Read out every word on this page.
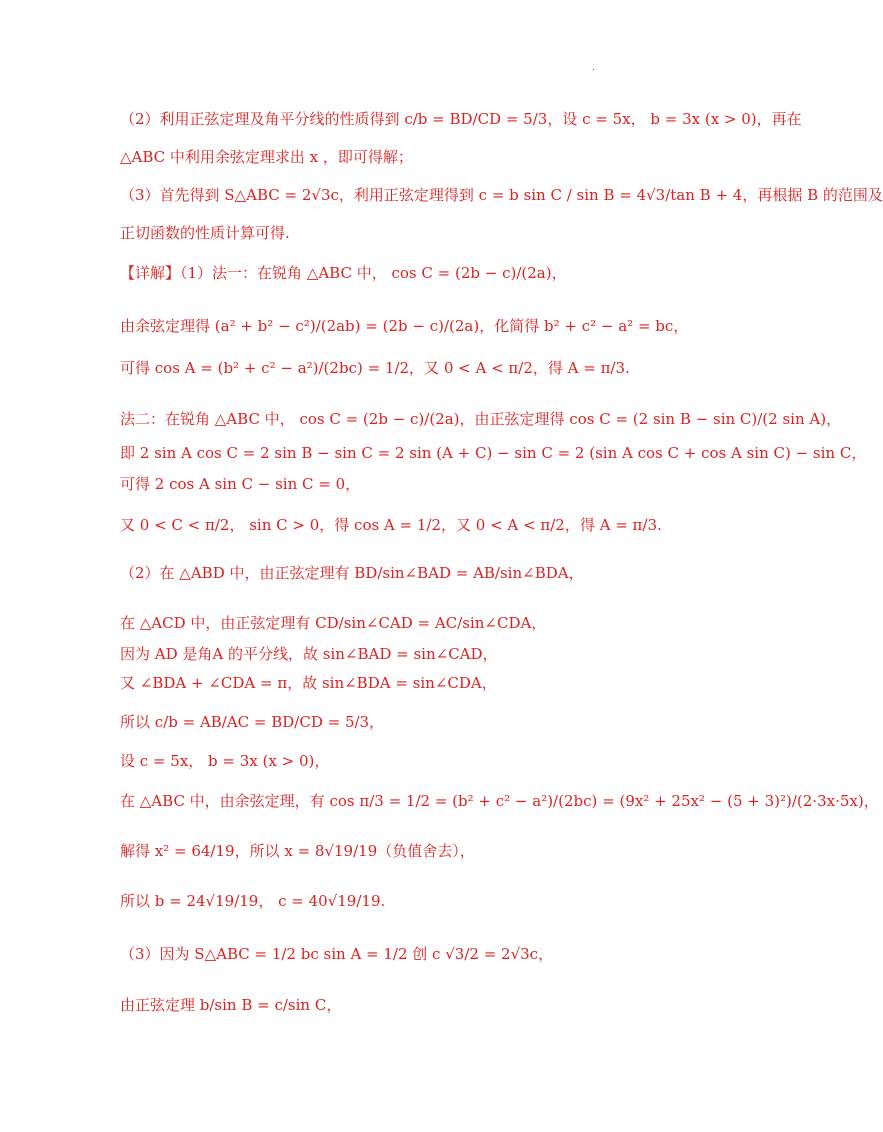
.
（2）利用正弦定理及角平分线的性质得到 c/b = BD/CD = 5/3，设 c = 5x， b = 3x (x > 0)，再在
△ABC 中利用余弦定理求出 x ，即可得解；
（3）首先得到 S△ABC = 2√3c，利用正弦定理得到 c = b sin C / sin B = 4√3/tan B + 4，再根据 B 的范围及
正切函数的性质计算可得.
【详解】（1）法一：在锐角 △ABC 中， cos C = (2b − c)/(2a)，
由余弦定理得 (a² + b² − c²)/(2ab) = (2b − c)/(2a)，化简得 b² + c² − a² = bc，
可得 cos A = (b² + c² − a²)/(2bc) = 1/2，又 0 < A < π/2，得 A = π/3.
法二：在锐角 △ABC 中， cos C = (2b − c)/(2a)，由正弦定理得 cos C = (2 sin B − sin C)/(2 sin A)，
即 2 sin A cos C = 2 sin B − sin C = 2 sin (A + C) − sin C = 2 (sin A cos C + cos A sin C) − sin C，
可得 2 cos A sin C − sin C = 0，
又 0 < C < π/2， sin C > 0，得 cos A = 1/2，又 0 < A < π/2，得 A = π/3.
（2）在 △ABD 中，由正弦定理有 BD/sin∠BAD = AB/sin∠BDA，
在 △ACD 中，由正弦定理有 CD/sin∠CAD = AC/sin∠CDA，
因为 AD 是角A 的平分线，故 sin∠BAD = sin∠CAD，
又 ∠BDA + ∠CDA = π，故 sin∠BDA = sin∠CDA，
所以 c/b = AB/AC = BD/CD = 5/3，
设 c = 5x， b = 3x (x > 0)，
在 △ABC 中，由余弦定理，有 cos π/3 = 1/2 = (b² + c² − a²)/(2bc) = (9x² + 25x² − (5 + 3)²)/(2·3x·5x)，
解得 x² = 64/19，所以 x = 8√19/19（负值舍去），
所以 b = 24√19/19， c = 40√19/19.
（3）因为 S△ABC = 1/2 bc sin A = 1/2 创 c √3/2 = 2√3c，
由正弦定理 b/sin B = c/sin C，
